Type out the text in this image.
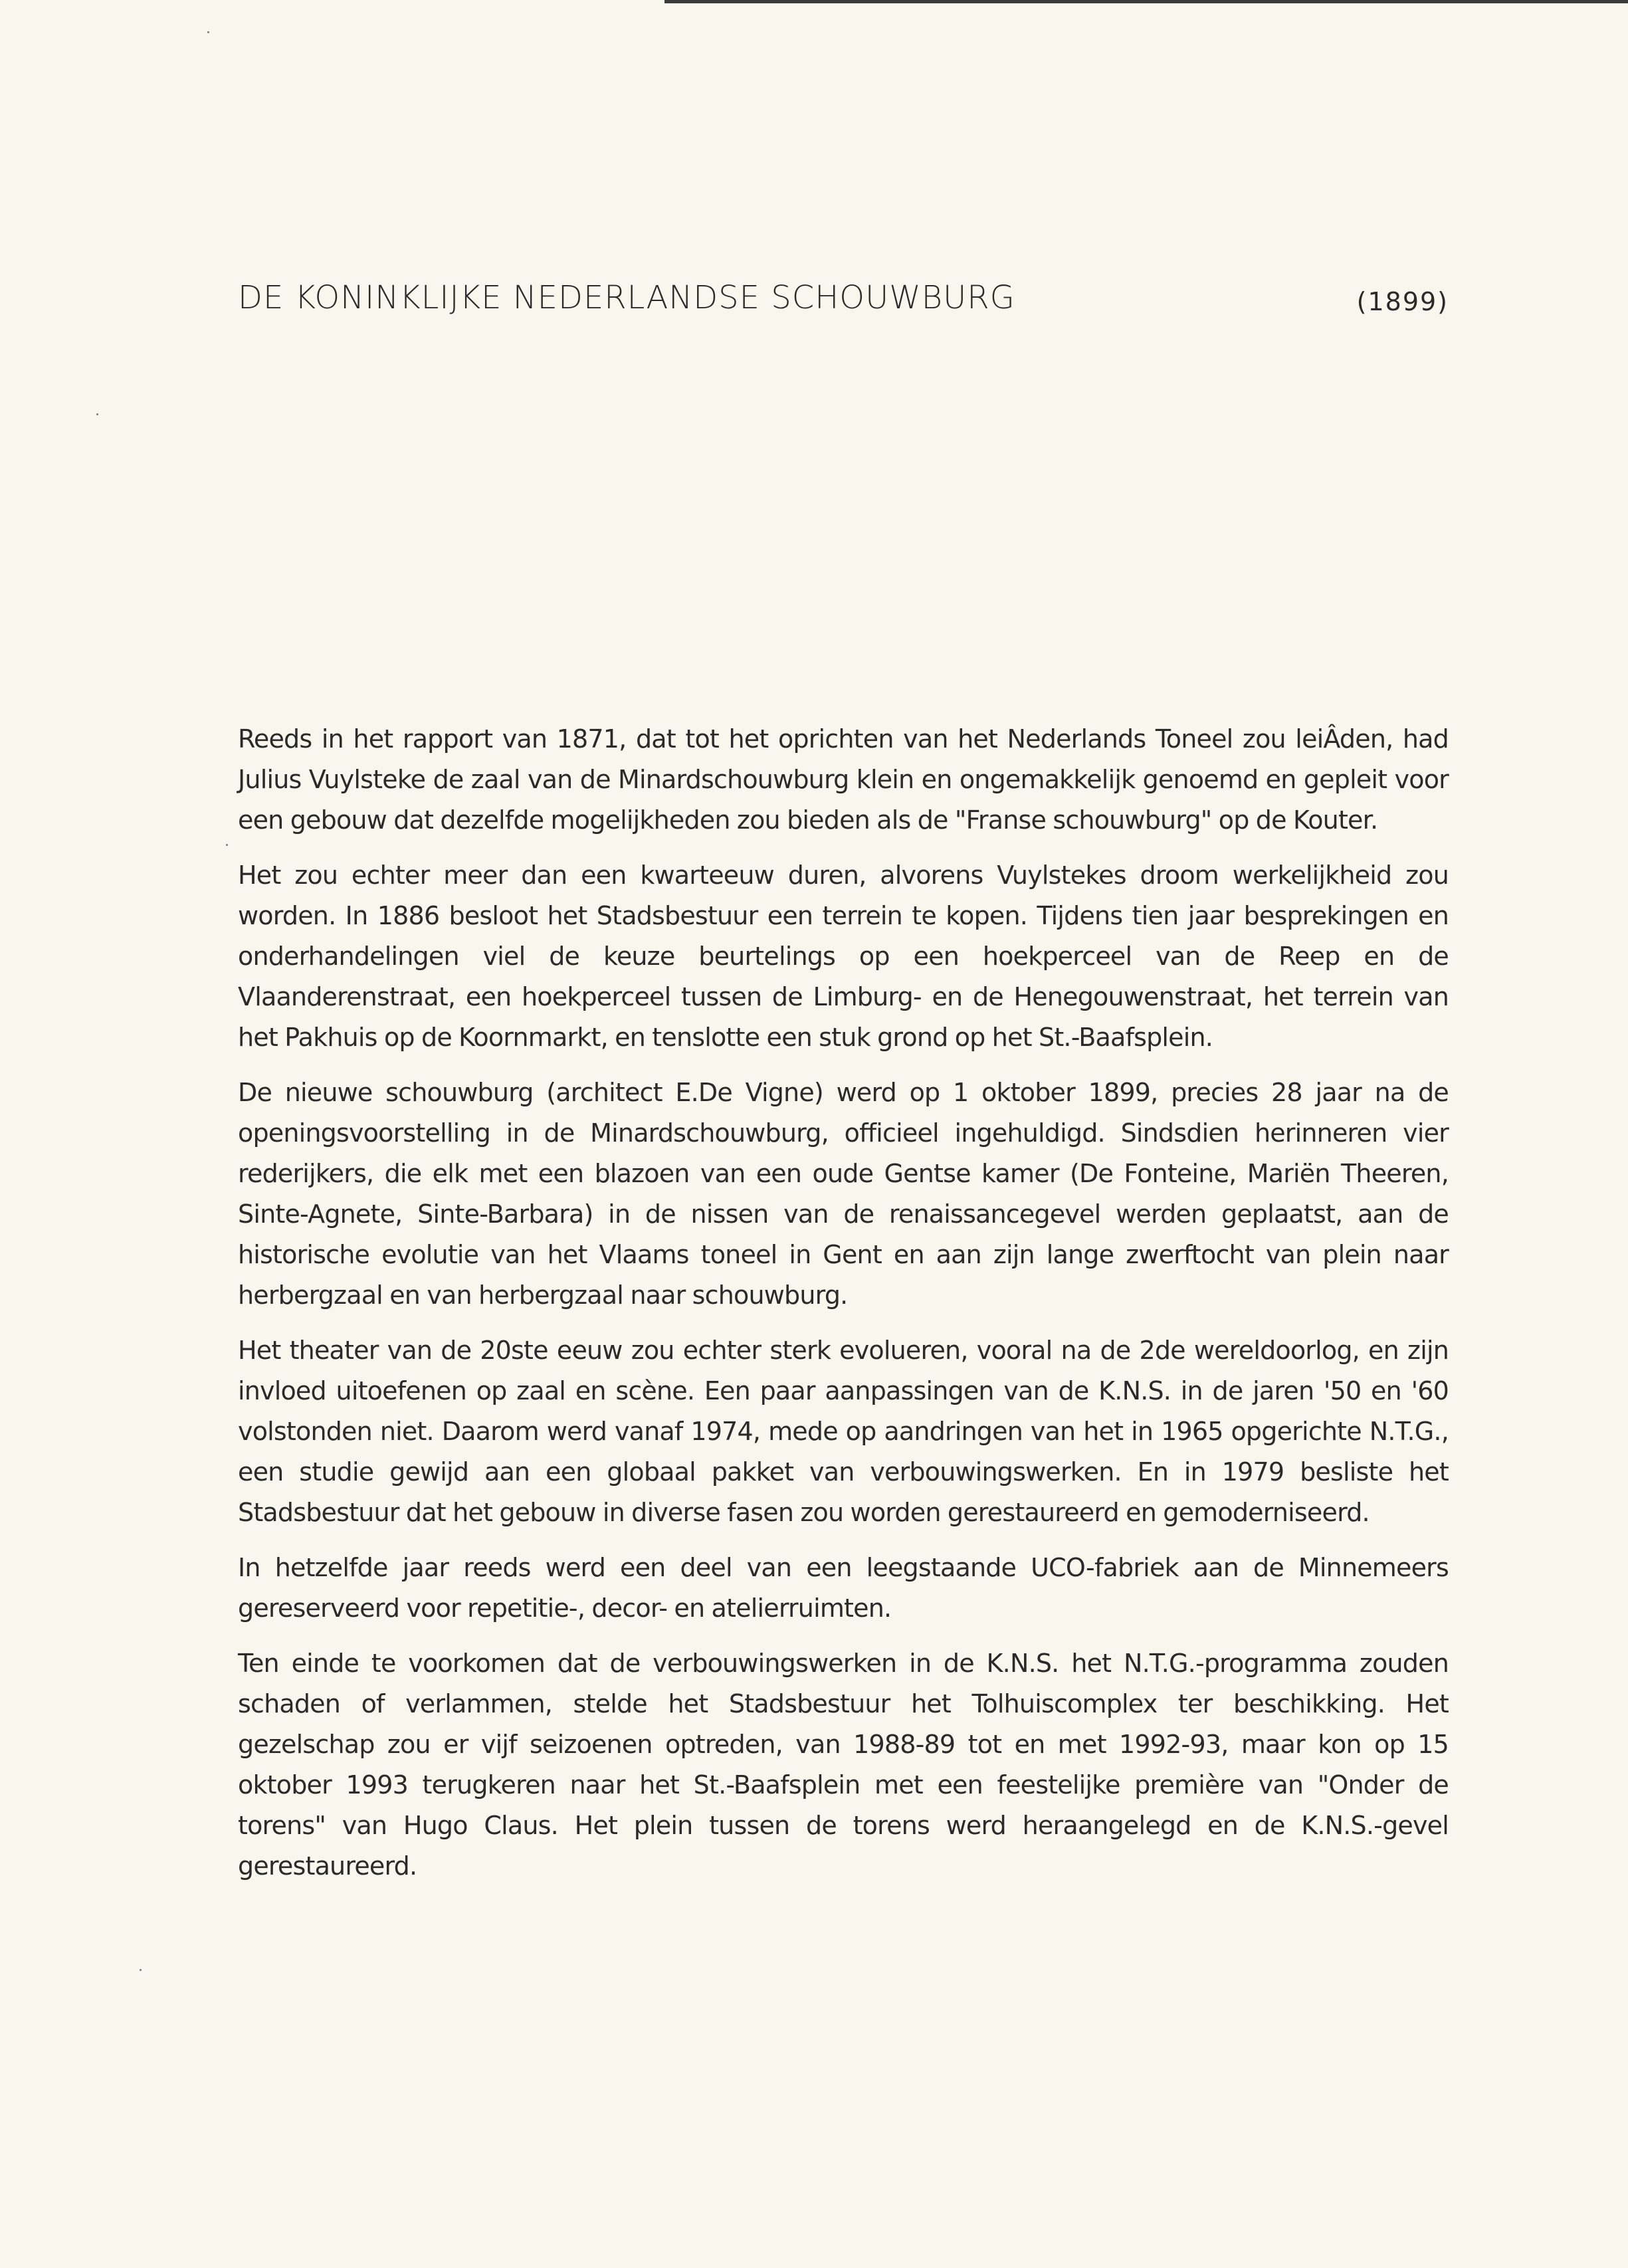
DE KONINKLIJKE NEDERLANDSE SCHOUWBURG	(1899)

Reeds in het rapport van 1871, dat tot het oprichten van het Nederlands Toneel zou leiÂden, had Julius Vuylsteke de zaal van de Minardschouwburg klein en ongemakkelijk genoemd en gepleit voor een gebouw dat dezelfde mogelijkheden zou bieden als de "Franse schouwburg" op de Kouter.

Het zou echter meer dan een kwarteeuw duren, alvorens Vuylstekes droom werkelijkheid zou worden. In 1886 besloot het Stadsbestuur een terrein te kopen. Tijdens tien jaar besprekingen en onderhandelingen viel de keuze beurtelings op een hoekperceel van de Reep en de Vlaanderenstraat, een hoekperceel tussen de Limburg- en de Henegouwenstraat, het terrein van het Pakhuis op de Koornmarkt, en tenslotte een stuk grond op het St.-Baafsplein.

De nieuwe schouwburg (architect E.De Vigne) werd op 1 oktober 1899, precies 28 jaar na de openingsvoorstelling in de Minardschouwburg, officieel ingehuldigd. Sindsdien herinneren vier rederijkers, die elk met een blazoen van een oude Gentse kamer (De Fonteine, Mariën Theeren, Sinte-Agnete, Sinte-Barbara) in de nissen van de renaissancegevel werden geplaatst, aan de historische evolutie van het Vlaams toneel in Gent en aan zijn lange zwerftocht van plein naar herbergzaal en van herbergzaal naar schouwburg.

Het theater van de 20ste eeuw zou echter sterk evolueren, vooral na de 2de wereldoorlog, en zijn invloed uitoefenen op zaal en scène. Een paar aanpassingen van de K.N.S. in de jaren '50 en '60 volstonden niet. Daarom werd vanaf 1974, mede op aandringen van het in 1965 opgerichte N.T.G., een studie gewijd aan een globaal pakket van verbouwingswerken. En in 1979 besliste het Stadsbestuur dat het gebouw in diverse fasen zou worden gerestaureerd en gemoderniseerd.

In hetzelfde jaar reeds werd een deel van een leegstaande UCO-fabriek aan de Minnemeers gereserveerd voor repetitie-, decor- en atelierruimten.

Ten einde te voorkomen dat de verbouwingswerken in de K.N.S. het N.T.G.-programma zouden schaden of verlammen, stelde het Stadsbestuur het Tolhuiscomplex ter beschikking. Het gezelschap zou er vijf seizoenen optreden, van 1988-89 tot en met 1992-93, maar kon op 15 oktober 1993 terugkeren naar het St.-Baafsplein met een feestelijke première van "Onder de torens" van Hugo Claus. Het plein tussen de torens werd heraangelegd en de K.N.S.-gevel gerestaureerd.
